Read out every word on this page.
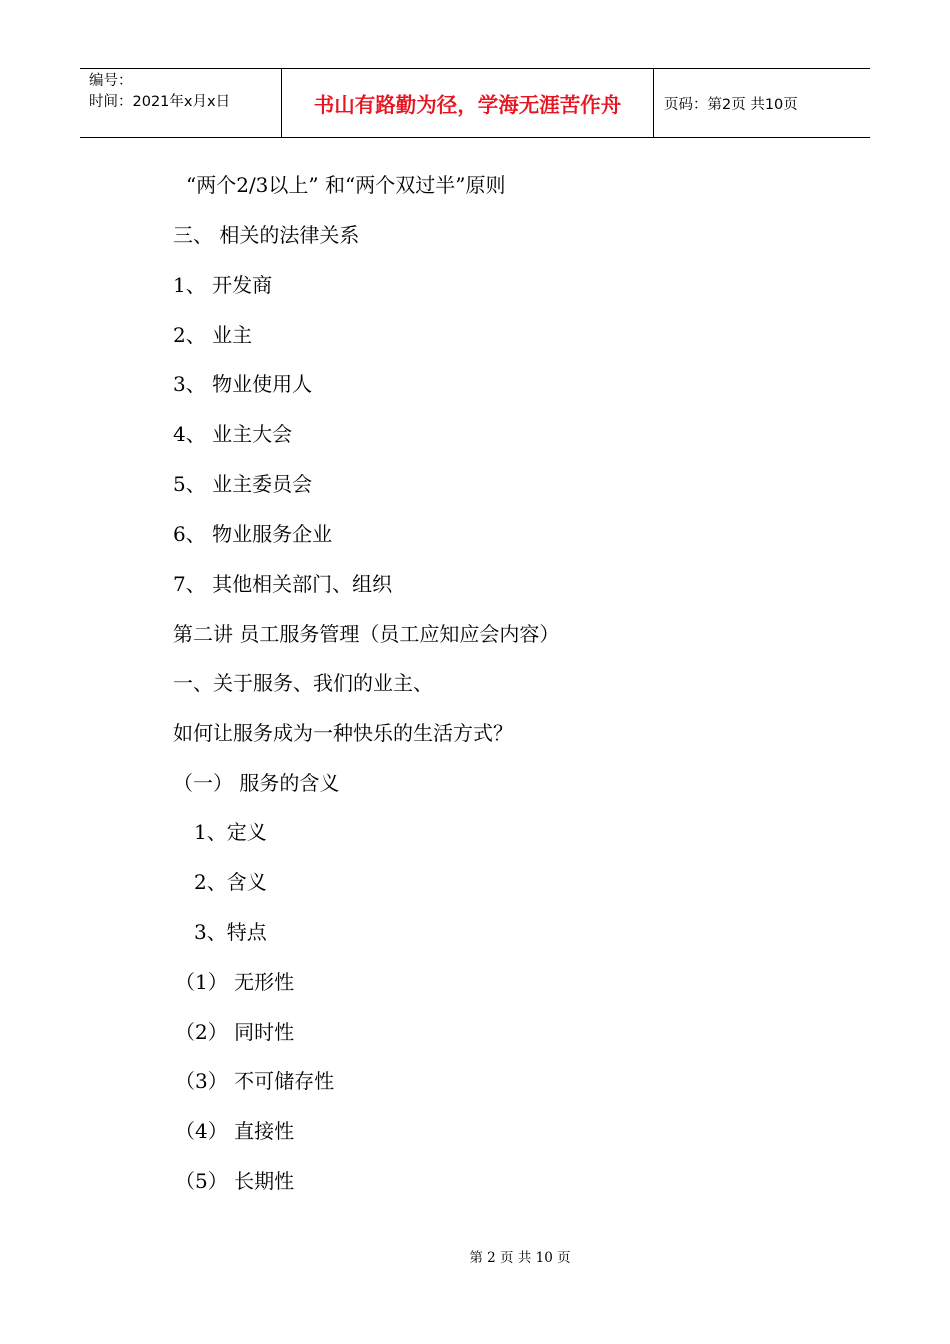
编号：
时间：2021年x月x日	书山有路勤为径，学海无涯苦作舟	页码：第2页 共10页
“两个2/3以上” 和“两个双过半”原则
三、 相关的法律关系
1、 开发商
2、 业主
3、 物业使用人
4、 业主大会
5、 业主委员会
6、 物业服务企业
7、 其他相关部门、组织
第二讲 员工服务管理（员工应知应会内容）
一、关于服务、我们的业主、
如何让服务成为一种快乐的生活方式？
（一） 服务的含义
1、定义
2、含义
3、特点
（1） 无形性
（2） 同时性
（3） 不可储存性
（4） 直接性
（5） 长期性
第 2 页 共 10 页
